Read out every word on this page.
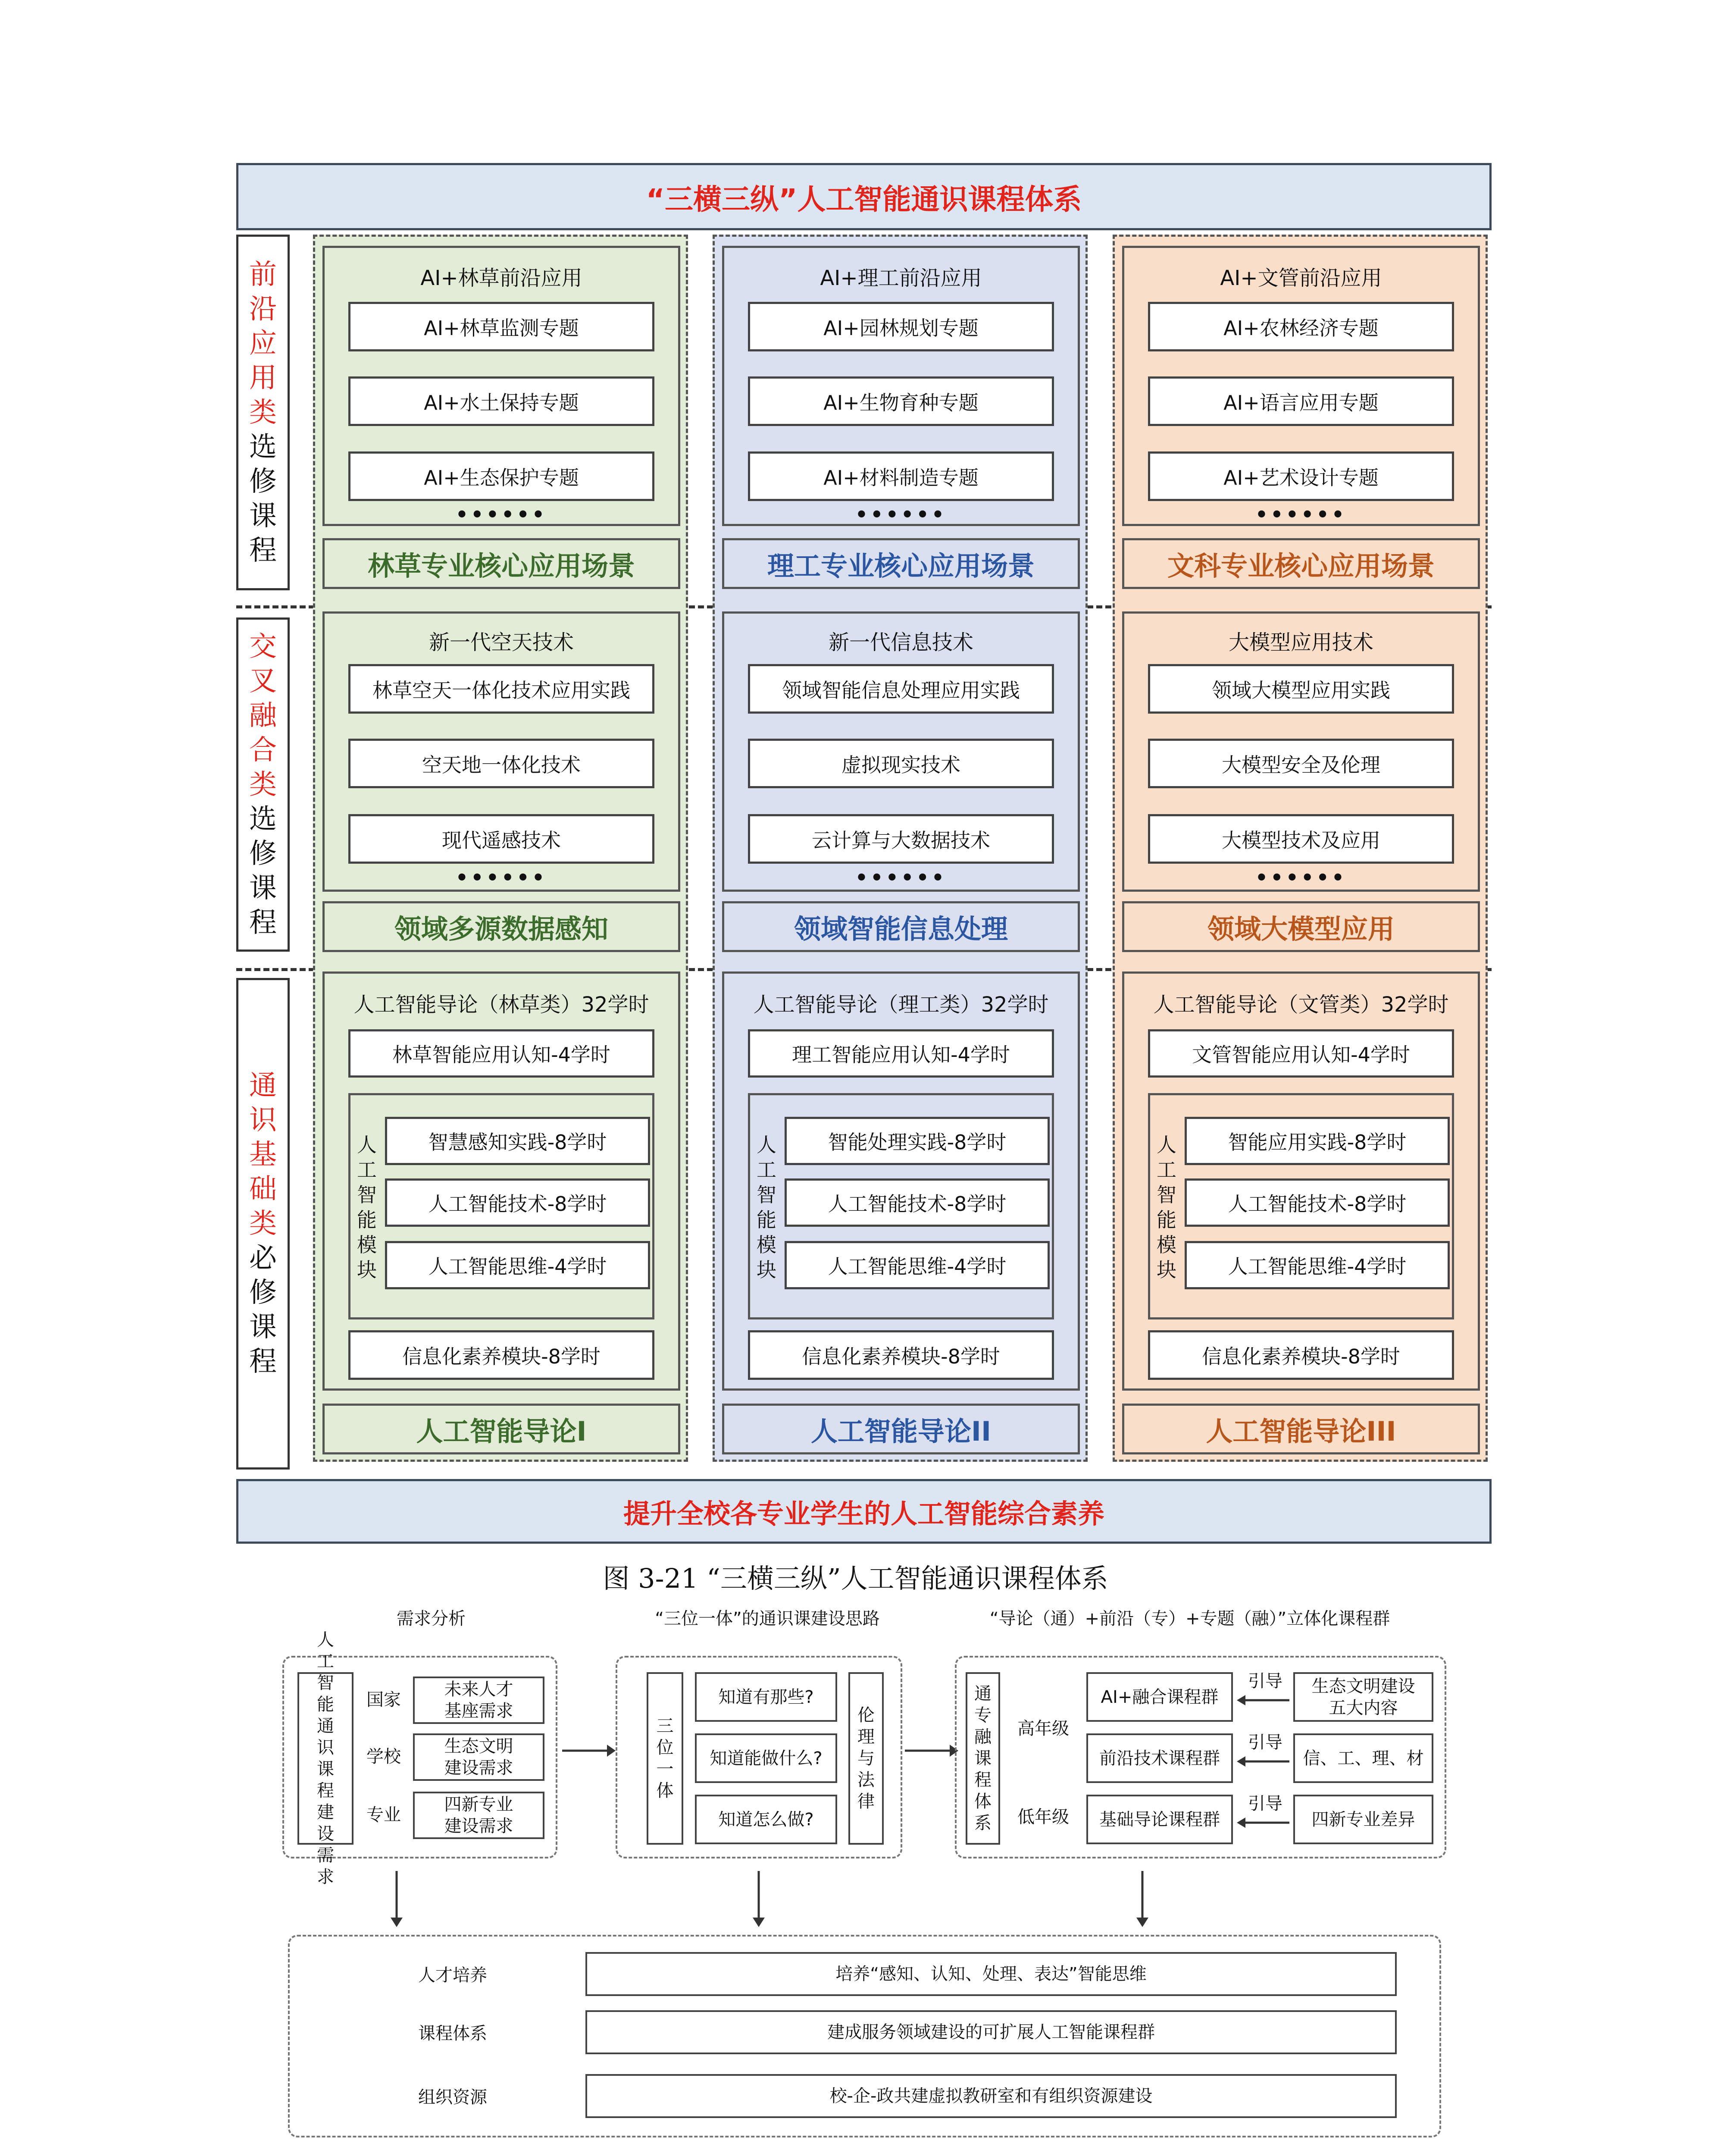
“三横三纵”人工智能通识课程体系
前
沿
应
用
类
选
修
课
程
交
叉
融
合
类
选
修
课
程
通
识
基
础
类
必
修
课
程
AI+林草前沿应用
AI+林草监测专题
AI+水土保持专题
AI+生态保护专题
••••••
林草专业核心应用场景
新一代空天技术
林草空天一体化技术应用实践
空天地一体化技术
现代遥感技术
••••••
领域多源数据感知
人工智能导论（林草类）32学时
林草智能应用认知-4学时
人
工
智
能
模
块
智慧感知实践-8学时
人工智能技术-8学时
人工智能思维-4学时
信息化素养模块-8学时
人工智能导论I
AI+理工前沿应用
AI+园林规划专题
AI+生物育种专题
AI+材料制造专题
••••••
理工专业核心应用场景
新一代信息技术
领域智能信息处理应用实践
虚拟现实技术
云计算与大数据技术
••••••
领域智能信息处理
人工智能导论（理工类）32学时
理工智能应用认知-4学时
人
工
智
能
模
块
智能处理实践-8学时
人工智能技术-8学时
人工智能思维-4学时
信息化素养模块-8学时
人工智能导论II
AI+文管前沿应用
AI+农林经济专题
AI+语言应用专题
AI+艺术设计专题
••••••
文科专业核心应用场景
大模型应用技术
领域大模型应用实践
大模型安全及伦理
大模型技术及应用
••••••
领域大模型应用
人工智能导论（文管类）32学时
文管智能应用认知-4学时
人
工
智
能
模
块
智能应用实践-8学时
人工智能技术-8学时
人工智能思维-4学时
信息化素养模块-8学时
人工智能导论III
提升全校各专业学生的人工智能综合素养
图 3-21 “三横三纵”人工智能通识课程体系
需求分析	“三位一体”的通识课建设思路	“导论（通）+前沿（专）+专题（融）”立体化课程群
人
工
智
能
通
识
课
程
建
设
需
求
国家
未来人才
基座需求
学校
生态文明
建设需求
专业
四新专业
建设需求
三
位
一
体
知道有那些?
知道能做什么?
知道怎么做?
伦
理
与
法
律
通
专
融
课
程
体
系
高年级
低年级
AI+融合课程群
引导	生态文明建设
五大内容
前沿技术课程群
引导
信、工、理、材
基础导论课程群
引导
四新专业差异
人才培养	培养“感知、认知、处理、表达”智能思维
课程体系	建成服务领域建设的可扩展人工智能课程群
组织资源	校-企-政共建虚拟教研室和有组织资源建设
